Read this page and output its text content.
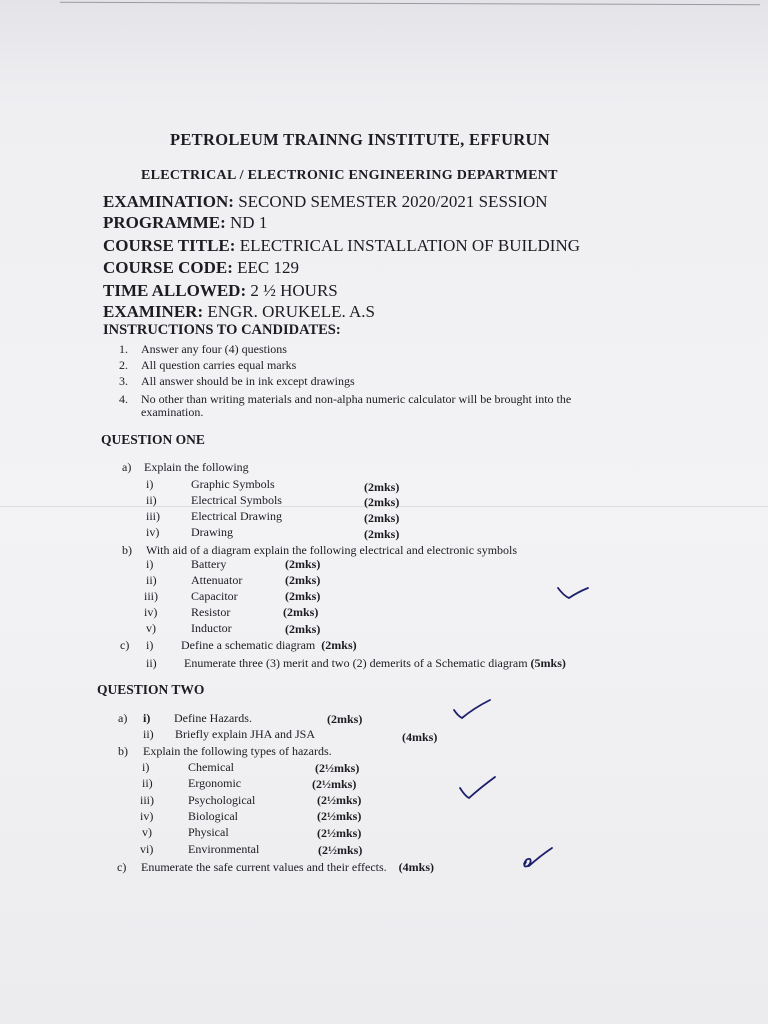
PETROLEUM TRAINNG INSTITUTE, EFFURUN
ELECTRICAL / ELECTRONIC ENGINEERING DEPARTMENT
EXAMINATION: SECOND SEMESTER 2020/2021 SESSION
PROGRAMME: ND 1
COURSE TITLE: ELECTRICAL INSTALLATION OF BUILDING
COURSE CODE: EEC 129
TIME ALLOWED: 2 ½ HOURS
EXAMINER: ENGR. ORUKELE. A.S
INSTRUCTIONS TO CANDIDATES:
1. Answer any four (4) questions
2. All question carries equal marks
3. All answer should be in ink except drawings
4. No other than writing materials and non-alpha numeric calculator will be brought into the
examination.
QUESTION ONE
a) Explain the following
i)	Graphic Symbols	(2mks)
ii)	Electrical Symbols	(2mks)
iii)	Electrical Drawing	(2mks)
iv)	Drawing	(2mks)
b) With aid of a diagram explain the following electrical and electronic symbols
i)	Battery	(2mks)
ii)	Attenuator	(2mks)
iii)	Capacitor	(2mks)
iv)	Resistor	(2mks)
v)	Inductor	(2mks)
c) i) Define a schematic diagram (2mks)
ii) Enumerate three (3) merit and two (2) demerits of a Schematic diagram (5mks)
QUESTION TWO
a) i) Define Hazards.	(2mks)
ii) Briefly explain JHA and JSA	(4mks)
b) Explain the following types of hazards.
i)	Chemical	(2½mks)
ii)	Ergonomic	(2½mks)
iii)	Psychological	(2½mks)
iv)	Biological	(2½mks)
v)	Physical	(2½mks)
vi)	Environmental	(2½mks)
c) Enumerate the safe current values and their effects. (4mks)
